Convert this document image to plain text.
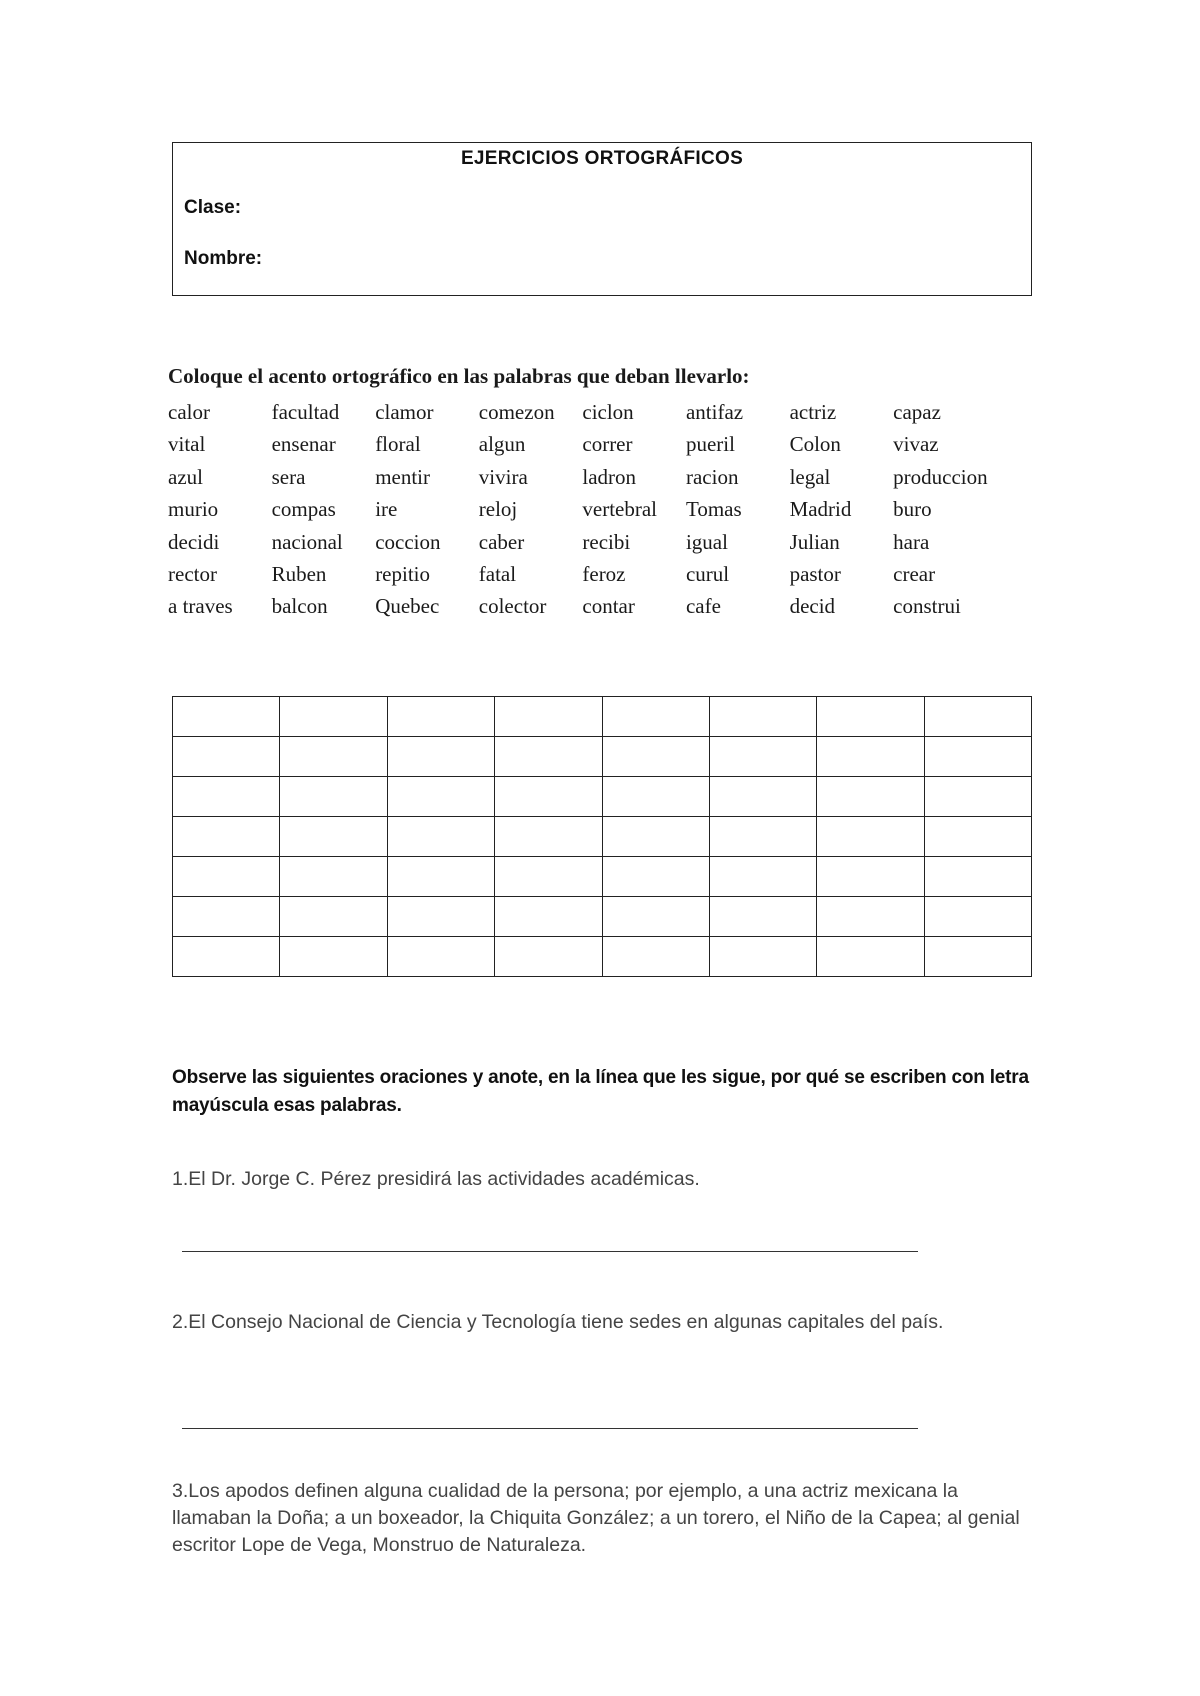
EJERCICIOS ORTOGRÁFICOS
Clase:
Nombre:
Coloque el acento ortográfico en las palabras que deban llevarlo:
calor	facultad	clamor	comezon	ciclon	antifaz	actriz	capaz
vital	ensenar	floral	algun	correr	pueril	Colon	vivaz
azul	sera	mentir	vivira	ladron	racion	legal	produccion
murio	compas	ire	reloj	vertebral	Tomas	Madrid	buro
decidi	nacional	coccion	caber	recibi	igual	Julian	hara
rector	Ruben	repitio	fatal	feroz	curul	pastor	crear
a traves	balcon	Quebec	colector	contar	cafe	decid	construi

Observe las siguientes oraciones y anote, en la línea que les sigue, por qué se escriben con letra mayúscula esas palabras.
1.El Dr. Jorge C. Pérez presidirá las actividades académicas.
2.El Consejo Nacional de Ciencia y Tecnología tiene sedes en algunas capitales del país.
3.Los apodos definen alguna cualidad de la persona; por ejemplo, a una actriz mexicana la llamaban la Doña; a un boxeador, la Chiquita González; a un torero, el Niño de la Capea; al genial escritor Lope de Vega, Monstruo de Naturaleza.
